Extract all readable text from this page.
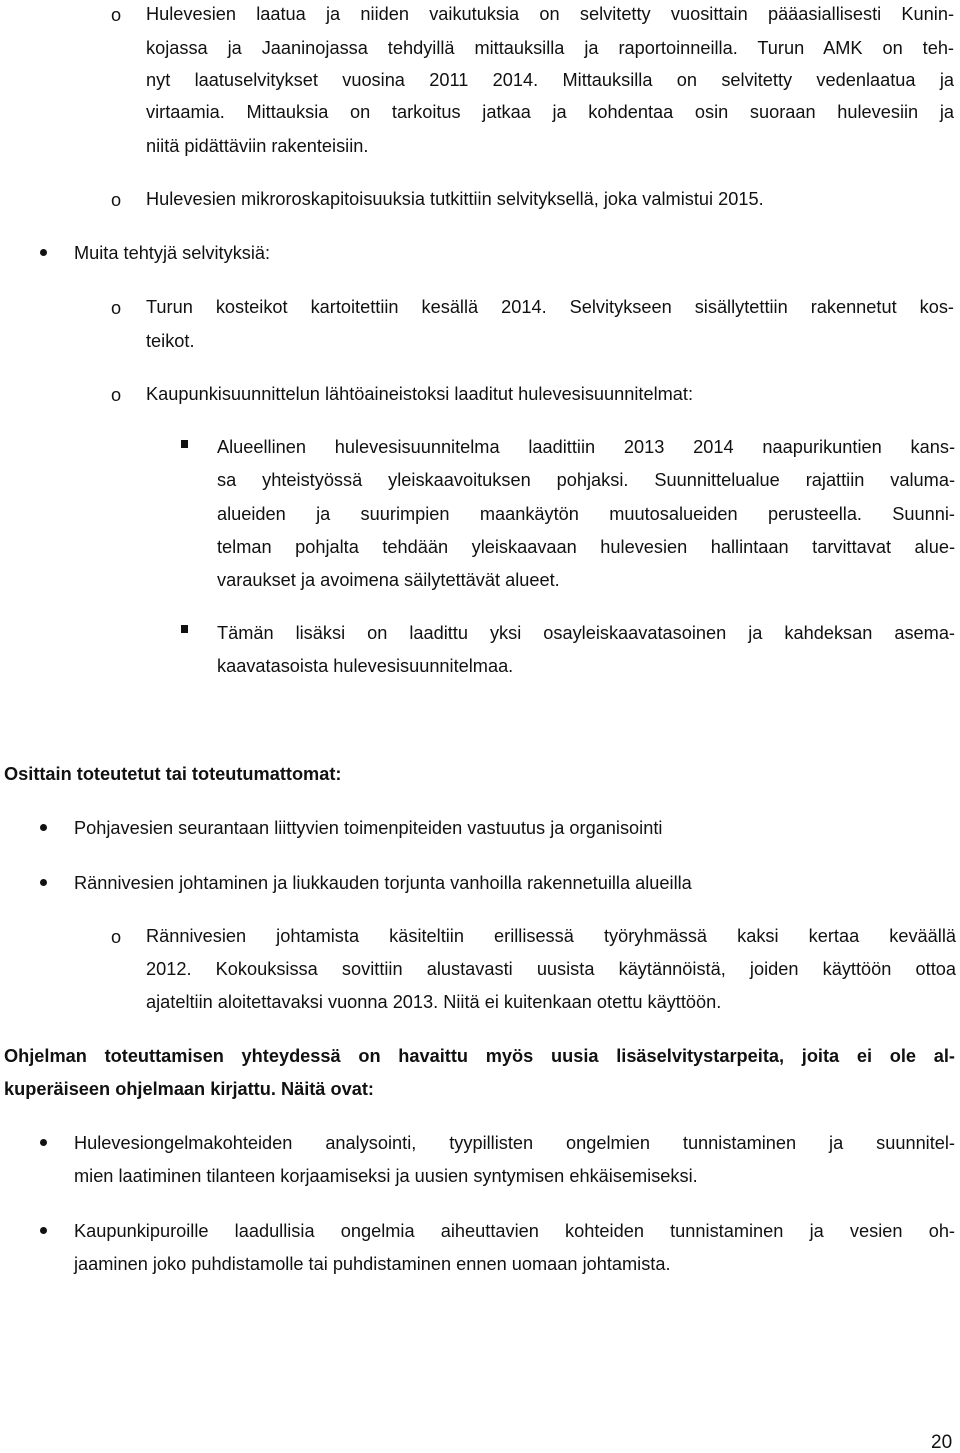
o Hulevesien laatua ja niiden vaikutuksia on selvitetty vuosittain pääasiallisesti Kunin-
kojassa ja Jaaninojassa tehdyillä mittauksilla ja raportoinneilla. Turun AMK on teh-
nyt laatuselvitykset vuosina 2011 2014. Mittauksilla on selvitetty vedenlaatua ja
virtaamia. Mittauksia on tarkoitus jatkaa ja kohdentaa osin suoraan hulevesiin ja
niitä pidättäviin rakenteisiin.
o Hulevesien mikroroskapitoisuuksia tutkittiin selvityksellä, joka valmistui 2015.
Muita tehtyjä selvityksiä:
o Turun kosteikot kartoitettiin kesällä 2014. Selvitykseen sisällytettiin rakennetut kos-
teikot.
o Kaupunkisuunnittelun lähtöaineistoksi laaditut hulevesisuunnitelmat:
Alueellinen hulevesisuunnitelma laadittiin 2013 2014 naapurikuntien kans-
sa yhteistyössä yleiskaavoituksen pohjaksi. Suunnittelualue rajattiin valuma-
alueiden ja suurimpien maankäytön muutosalueiden perusteella. Suunni-
telman pohjalta tehdään yleiskaavaan hulevesien hallintaan tarvittavat alue-
varaukset ja avoimena säilytettävät alueet.
Tämän lisäksi on laadittu yksi osayleiskaavatasoinen ja kahdeksan asema-
kaavatasoista hulevesisuunnitelmaa.
Osittain toteutetut tai toteutumattomat:
Pohjavesien seurantaan liittyvien toimenpiteiden vastuutus ja organisointi
Rännivesien johtaminen ja liukkauden torjunta vanhoilla rakennetuilla alueilla
o Rännivesien johtamista käsiteltiin erillisessä työryhmässä kaksi kertaa keväällä
2012. Kokouksissa sovittiin alustavasti uusista käytännöistä, joiden käyttöön ottoa
ajateltiin aloitettavaksi vuonna 2013. Niitä ei kuitenkaan otettu käyttöön.
Ohjelman toteuttamisen yhteydessä on havaittu myös uusia lisäselvitystarpeita, joita ei ole al-
kuperäiseen ohjelmaan kirjattu. Näitä ovat:
Hulevesiongelmakohteiden analysointi, tyypillisten ongelmien tunnistaminen ja suunnitel-
mien laatiminen tilanteen korjaamiseksi ja uusien syntymisen ehkäisemiseksi.
Kaupunkipuroille laadullisia ongelmia aiheuttavien kohteiden tunnistaminen ja vesien oh-
jaaminen joko puhdistamolle tai puhdistaminen ennen uomaan johtamista.
20
